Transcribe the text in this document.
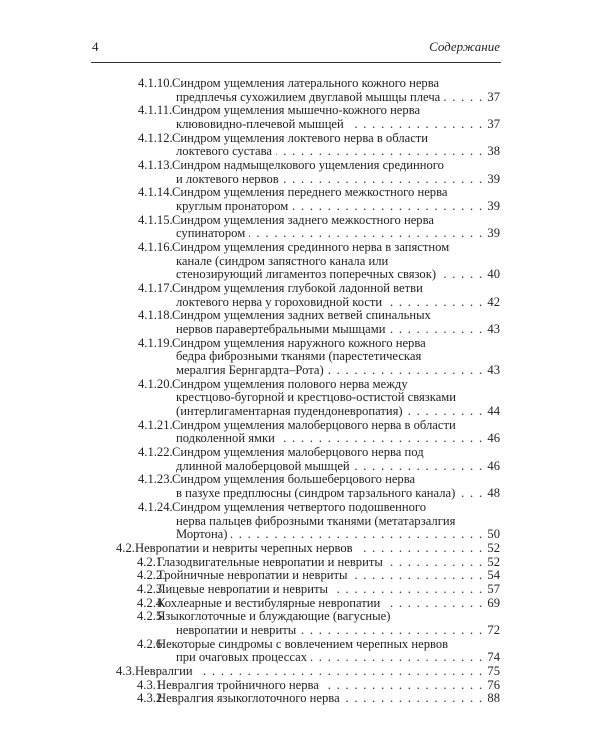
4	Содержание
4.1.10. Синдром ущемления латерального кожного нерва
предплечья сухожилием двуглавой мышцы плеча . . .	37
4.1.11. Синдром ущемления мышечно-кожного нерва
клювовидно-плечевой мышцей . . .	37
4.1.12. Синдром ущемления локтевого нерва в области
локтевого сустава . . .	38
4.1.13. Синдром надмыщелкового ущемления срединного
и локтевого нервов . . .	39
4.1.14. Синдром ущемления переднего межкостного нерва
круглым пронатором . . .	39
4.1.15. Синдром ущемления заднего межкостного нерва
супинатором . . .	39
4.1.16. Синдром ущемления срединного нерва в запястном
канале (синдром запястного канала или
стенозирующий лигаментоз поперечных связок) . . .	40
4.1.17. Синдром ущемления глубокой ладонной ветви
локтевого нерва у гороховидной кости . . .	42
4.1.18. Синдром ущемления задних ветвей спинальных
нервов паравертебральными мышцами . . .	43
4.1.19. Синдром ущемления наружного кожного нерва
бедра фиброзными тканями (парестетическая
мералгия Бернгардта–Рота) . . .	43
4.1.20. Синдром ущемления полового нерва между
крестцово-бугорной и крестцово-остистой связками
(интерлигаментарная пудендоневропатия) . . .	44
4.1.21. Синдром ущемления малоберцового нерва в области
подколенной ямки . . .	46
4.1.22. Синдром ущемления малоберцового нерва под
длинной малоберцовой мышцей . . .	46
4.1.23. Синдром ущемления большеберцового нерва
в пазухе предплюсны (синдром тарзального канала) . . .	48
4.1.24. Синдром ущемления четвертого подошвенного
нерва пальцев фиброзными тканями (метатарзалгия
Мортона) . . .	50
4.2. Невропатии и невриты черепных нервов . . .	52
4.2.1.
Глазодвигательные невропатии и невриты . . .	52
4.2.2.
Тройничные невропатии и невриты . . .	54
4.2.3.
Лицевые невропатии и невриты . . .	57
4.2.4.
Кохлеарные и вестибулярные невропатии . . .	69
4.2.5.
Языкоглоточные и блуждающие (вагусные)
невропатии и невриты . . .	72
4.2.6.
Некоторые синдромы с вовлечением черепных нервов
при очаговых процессах . . .	74
4.3. Невралгии . . .	75
4.3.1.
Невралгия тройничного нерва . . .	76
4.3.2.
Невралгия языкоглоточного нерва . . .	88
